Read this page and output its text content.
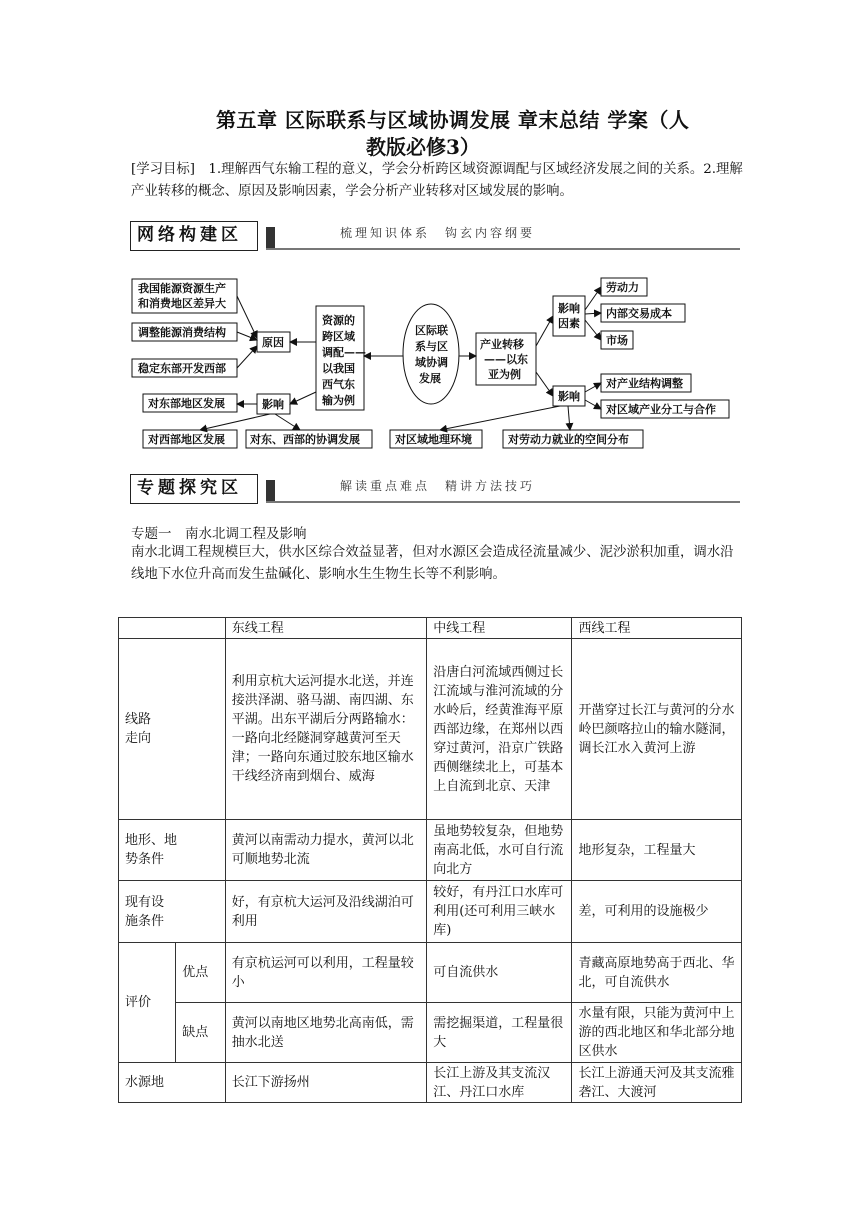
第五章 区际联系与区域协调发展 章末总结 学案（人
教版必修3）
[学习目标]　1.理解西气东输工程的意义，学会分析跨区域资源调配与区域经济发展之间的关系。2.理解产业转移的概念、原因及影响因素，学会分析产业转移对区域发展的影响。
网络构建区	梳理知识体系　钩玄内容纲要
我国能源资源生产
和消费地区差异大
调整能源消费结构
稳定东部开发西部
原因
对东部地区发展	影响
资源的
跨区域
调配——
以我国
西气东
输为例
区际联
系与区
域协调
发展
产业转移
——以东
亚为例
影响
因素
劳动力
内部交易成本
市场
影响
对产业结构调整
对区域产业分工与合作
对西部地区发展 对东、西部的协调发展	对区域地理环境	对劳动力就业的空间分布
专题探究区	解读重点难点　精讲方法技巧
专题一　南水北调工程及影响
南水北调工程规模巨大，供水区综合效益显著，但对水源区会造成径流量减少、泥沙淤积加重，调水沿线地下水位升高而发生盐碱化、影响水生生物生长等不利影响。
		东线工程	中线工程	西线工程
线路
走向		利用京杭大运河提水北送，并连接洪泽湖、骆马湖、南四湖、东平湖。出东平湖后分两路输水：一路向北经隧洞穿越黄河至天津；一路向东通过胶东地区输水干线经济南到烟台、威海	沿唐白河流域西侧过长江流域与淮河流域的分水岭后，经黄淮海平原西部边缘，在郑州以西穿过黄河，沿京广铁路西侧继续北上，可基本上自流到北京、天津	开凿穿过长江与黄河的分水岭巴颜喀拉山的输水隧洞，调长江水入黄河上游
地形、地
势条件		黄河以南需动力提水，黄河以北可顺地势北流	虽地势较复杂，但地势南高北低，水可自行流向北方	地形复杂，工程量大
现有设
施条件		好，有京杭大运河及沿线湖泊可利用	较好，有丹江口水库可利用(还可利用三峡水库)	差，可利用的设施极少
评价	优点	有京杭运河可以利用，工程量较小	可自流供水	青藏高原地势高于西北、华北，可自流供水
	缺点	黄河以南地区地势北高南低，需抽水北送	需挖掘渠道，工程量很大	水量有限，只能为黄河中上游的西北地区和华北部分地区供水
水源地		长江下游扬州	长江上游及其支流汉江、丹江口水库	长江上游通天河及其支流雅砻江、大渡河
